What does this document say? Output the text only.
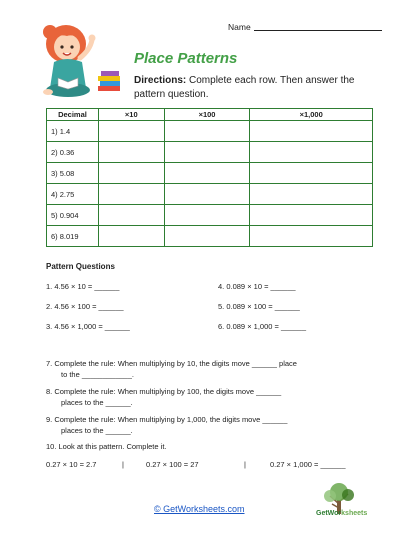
Name
Place Patterns
Directions: Complete each row. Then answer the pattern question.
Decimal	×10	×100	×1,000
1) 1.4			
2) 0.36			
3) 5.08			
4) 2.75			
5) 0.904			
6) 8.019			
Pattern Questions
1. 4.56 × 10 = ______
2. 4.56 × 100 = ______
3. 4.56 × 1,000 = ______
4. 0.089 × 10 = ______
5. 0.089 × 100 = ______
6. 0.089 × 1,000 = ______
7. Complete the rule: When multiplying by 10, the digits move ______ place
to the ____________.
8. Complete the rule: When multiplying by 100, the digits move ______
places to the ______.
9. Complete the rule: When multiplying by 1,000, the digits move ______
places to the ______.
10. Look at this pattern. Complete it.
0.27 × 10 = 2.7	|	0.27 × 100 = 27	|	0.27 × 1,000 = ______
© GetWorksheets.com	GetWorksheets
